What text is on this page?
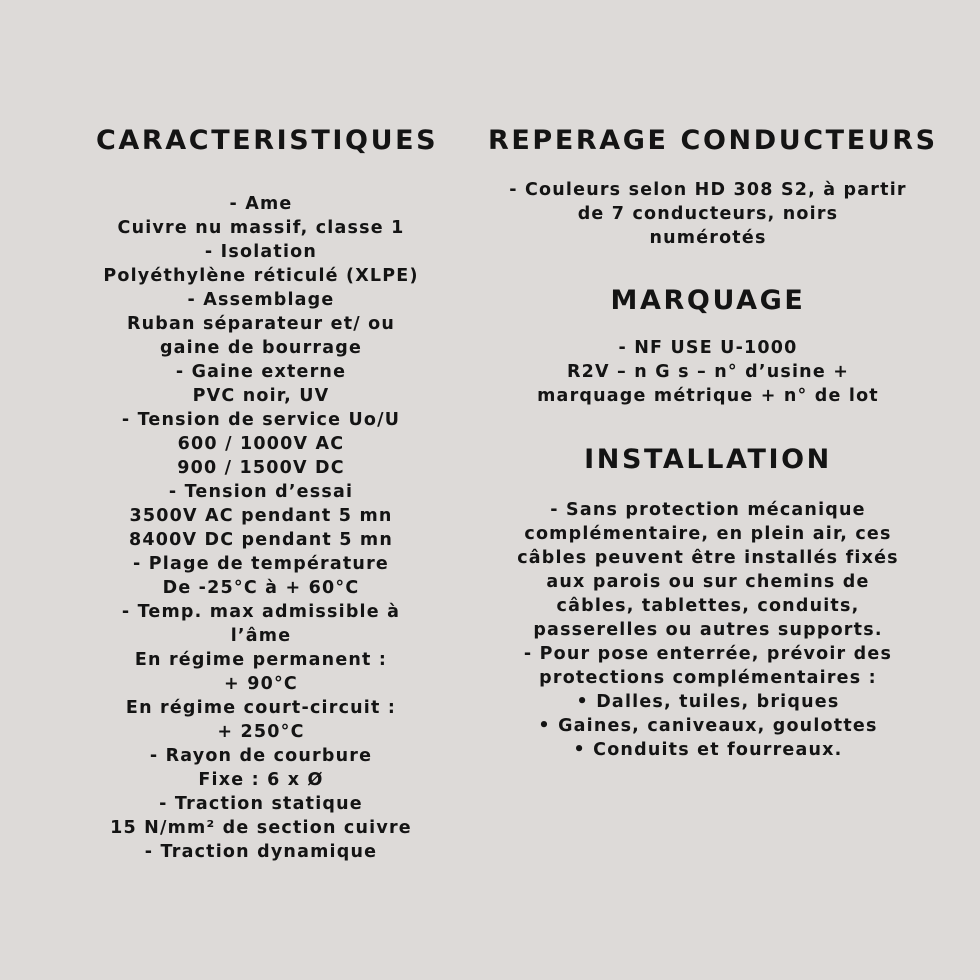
CARACTERISTIQUES
- Ame
Cuivre nu massif, classe 1
- Isolation
Polyéthylène réticulé (XLPE)
- Assemblage
Ruban séparateur et/ ou
gaine de bourrage
- Gaine externe
PVC noir, UV
- Tension de service Uo/U
600 / 1000V AC
900 / 1500V DC
- Tension d’essai
3500V AC pendant 5 mn
8400V DC pendant 5 mn
- Plage de température
De -25°C à + 60°C
- Temp. max admissible à
l’âme
En régime permanent :
+ 90°C
En régime court-circuit :
+ 250°C
- Rayon de courbure
Fixe : 6 x Ø
- Traction statique
15 N/mm² de section cuivre
- Traction dynamique
REPERAGE CONDUCTEURS
- Couleurs selon HD 308 S2, à partir
de 7 conducteurs, noirs
numérotés
MARQUAGE
- NF USE U-1000
R2V – n G s – n° d’usine +
marquage métrique + n° de lot
INSTALLATION
- Sans protection mécanique
complémentaire, en plein air, ces
câbles peuvent être installés fixés
aux parois ou sur chemins de
câbles, tablettes, conduits,
passerelles ou autres supports.
- Pour pose enterrée, prévoir des
protections complémentaires :
• Dalles, tuiles, briques
• Gaines, caniveaux, goulottes
• Conduits et fourreaux.
